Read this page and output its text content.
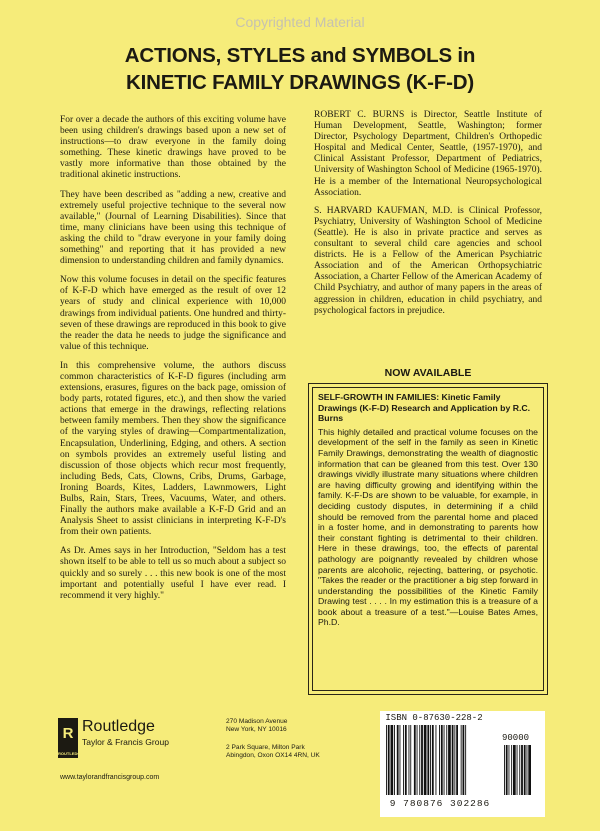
Copyrighted Material
ACTIONS, STYLES and SYMBOLS in
KINETIC FAMILY DRAWINGS (K-F-D)

For over a decade the authors of this exciting volume have been using children's drawings based upon a new set of instructions—to draw everyone in the family doing something. These kinetic drawings have proved to be vastly more informative than those obtained by the traditional akinetic instructions.

They have been described as "adding a new, creative and extremely useful projective technique to the several now available," (Journal of Learning Disabilities). Since that time, many clinicians have been using this technique of asking the child to "draw everyone in your family doing something" and reporting that it has provided a new dimension to understanding children and family dynamics.

Now this volume focuses in detail on the specific features of K-F-D which have emerged as the result of over 12 years of study and clinical experience with 10,000 drawings from individual patients. One hundred and thirty-seven of these drawings are reproduced in this book to give the reader the data he needs to judge the significance and value of this technique.

In this comprehensive volume, the authors discuss common characteristics of K-F-D figures (including arm extensions, erasures, figures on the back page, omission of body parts, rotated figures, etc.), and then show the varied actions that emerge in the drawings, reflecting relations between family members. Then they show the significance of the varying styles of drawing—Compartmentalization, Encapsulation, Underlining, Edging, and others. A section on symbols provides an extremely useful listing and discussion of those objects which recur most frequently, including Beds, Cats, Clowns, Cribs, Drums, Garbage, Ironing Boards, Kites, Ladders, Lawnmowers, Light Bulbs, Rain, Stars, Trees, Vacuums, Water, and others. Finally the authors make available a K-F-D Grid and an Analysis Sheet to assist clinicians in interpreting K-F-D's from their own patients.

As Dr. Ames says in her Introduction, "Seldom has a test shown itself to be able to tell us so much about a subject so quickly and so surely . . . this new book is one of the most important and potentially useful I have ever read. I recommend it very highly."

ROBERT C. BURNS is Director, Seattle Institute of Human Development, Seattle, Washington; former Director, Psychology Department, Children's Orthopedic Hospital and Medical Center, Seattle, (1957-1970), and Clinical Assistant Professor, Department of Pediatrics, University of Washington School of Medicine (1965-1970). He is a member of the International Neuropsychological Association.

S. HARVARD KAUFMAN, M.D. is Clinical Professor, Psychiatry, University of Washington School of Medicine (Seattle). He is also in private practice and serves as consultant to several child care agencies and school districts. He is a Fellow of the American Psychiatric Association and of the American Orthopsychiatric Association, a Charter Fellow of the American Academy of Child Psychiatry, and author of many papers in the areas of aggression in children, education in child psychiatry, and psychological factors in prejudice.

NOW AVAILABLE
SELF-GROWTH IN FAMILIES: Kinetic Family Drawings (K-F-D) Research and Application by R.C. Burns
This highly detailed and practical volume focuses on the development of the self in the family as seen in Kinetic Family Drawings, demonstrating the wealth of diagnostic information that can be gleaned from this test. Over 130 drawings vividly illustrate many situations where children are having difficulty growing and identifying within the family. K-F-Ds are shown to be valuable, for example, in deciding custody disputes, in determining if a child should be removed from the parental home and placed in a foster home, and in demonstrating to parents how their constant fighting is detrimental to their children. Here in these drawings, too, the effects of parental pathology are poignantly revealed by children whose parents are alcoholic, rejecting, battering, or psychotic. "Takes the reader or the practitioner a big step forward in understanding the possibilities of the Kinetic Family Drawing test . . . . In my estimation this is a treasure of a book about a treasure of a test."—Louise Bates Ames, Ph.D.
R
ROUTLEDGE
Routledge
Taylor & Francis Group
www.taylorandfrancisgroup.com
270 Madison Avenue
New York, NY 10016
2 Park Square, Milton Park
Abingdon, Oxon OX14 4RN, UK
ISBN 0-87630-228-2
90000
9 780876 302286
